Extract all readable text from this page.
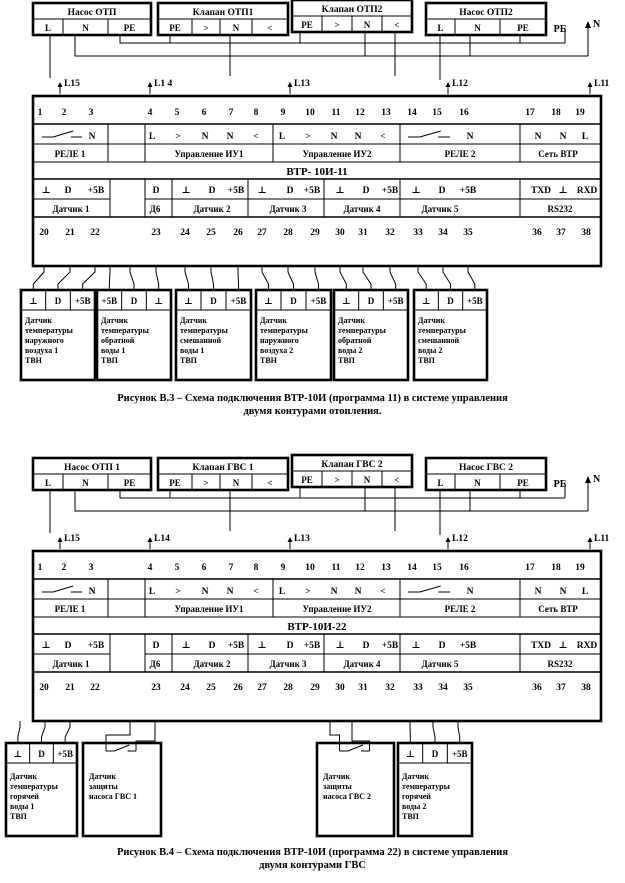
Насос ОТП
L	N	PE
Клапан ОТП1
PE	>	N	<
Клапан ОТП2
PE >	N	<
Насос ОТП2
L	N	PE PE	N
L15	L1 4	L13	L12	L11
1 2 3	4 5 6 7 8 9 10 11 12 13 14 15 16	17 18 19
N	L > N N < L > N N <	N	N N L
РЕЛЕ 1	Управление ИУ1	Управление ИУ2	РЕЛЕ 2	Сеть ВТР
ВТР- 10И-11
⊥ D +5В	D ⊥ D +5В ⊥ D +5В ⊥ D +5В ⊥ D +5В	TXD ⊥ RXD
Датчик 1	Д6	Датчик 2	Датчик 3	Датчик 4	Датчик 5	RS232
20 21 22	23 24 25 26 27 28 29 30 31 32 33 34 35	36 37 38
⊥ D +5В
Датчик
температуры
наружного
воздуха 1
ТВН
+5В D ⊥
Датчик
температуры
обратной
воды 1
ТВП
⊥ D +5В
Датчик
температуры
смешанной
воды 1
ТВП
⊥ D +5В
Датчик
температуры
наружного
воздуха 2
ТВН
⊥ D +5В
Датчик
температуры
обратной
воды 2
ТВП
⊥ D +5В
Датчик
температуры
смешанной
воды 2
ТВП
Насос ОТП 1
L	N	PE
Клапан ГВС 1
PE	>	N	<
Клапан ГВС 2
PE >	N	<
Насос ГВС 2
L	N	PE PE	N
L15	L14	L13	L12	L11
1 2 3	4 5 6 7 8 9 10 11 12 13 14 15 16	17 18 19
N	L > N N < L > N N <	N	N N L
РЕЛЕ 1	Управление ИУ1	Управление ИУ2	РЕЛЕ 2	Сеть ВТР
ВТР-10И-22
⊥ D +5В	D ⊥ D +5В ⊥ D +5В ⊥ D +5В ⊥ D +5В	TXD ⊥ RXD
Датчик 1	Д6	Датчик 2	Датчик 3	Датчик 4	Датчик 5	RS232
20 21 22	23 24 25 26 27 28 29 30 31 32 33 34 35	36 37 38
⊥ D +5В
Датчик
температуры
горячей
воды 1
ТВП
Датчик
защиты
насоса ГВС 1
Датчик
защиты
насоса ГВС 2
⊥ D +5В
Датчик
температуры
горячей
воды 2
ТВП
Рисунок В.3 – Схема подключения ВТР-10И (программа 11) в системе управления
двумя контурами отопления.
Рисунок В.4 – Схема подключения ВТР-10И (программа 22) в системе управления
двумя контурами ГВС
